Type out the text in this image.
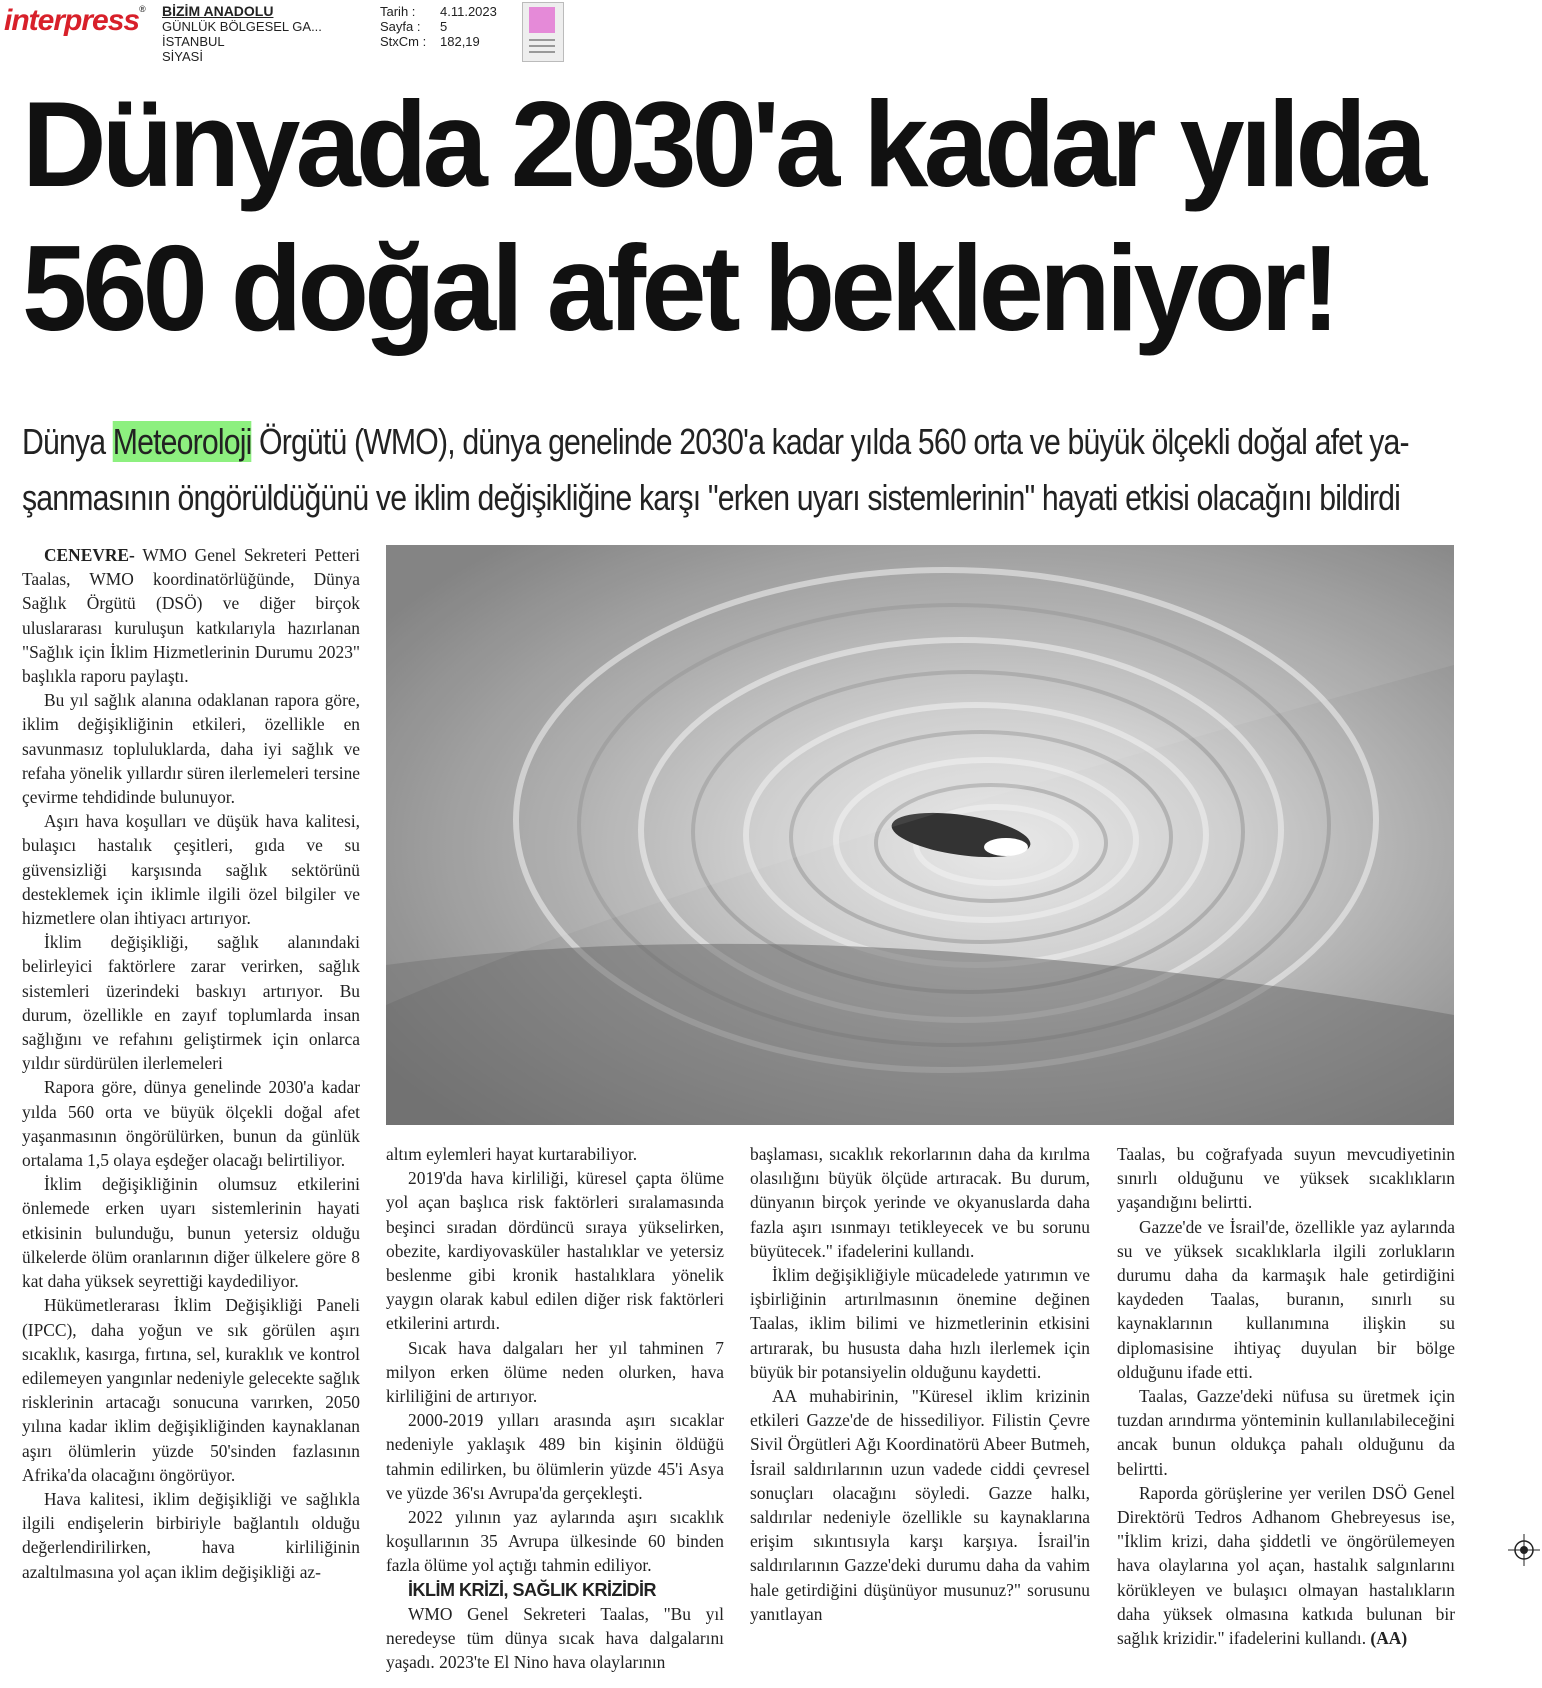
interpress® BİZİM ANADOLU
GÜNLÜK BÖLGESEL GA...
İSTANBUL
SİYASİ
Tarih :	4.11.2023
Sayfa :	5
StxCm :	182,19
Dünyada 2030'a kadar yılda
560 doğal afet bekleniyor!
Dünya Meteoroloji Örgütü (WMO), dünya genelinde 2030'a kadar yılda 560 orta ve büyük ölçekli doğal afet ya-
şanmasının öngörüldüğünü ve iklim değişikliğine karşı "erken uyarı sistemlerinin" hayati etkisi olacağını bildirdi

CENEVRE- WMO Genel Sekreteri Petteri Taalas, WMO koordinatörlüğünde, Dünya Sağlık Örgütü (DSÖ) ve diğer birçok uluslararası kuruluşun katkılarıyla hazırlanan "Sağlık için İklim Hizmetlerinin Durumu 2023" başlıkla raporu paylaştı.

Bu yıl sağlık alanına odaklanan rapora göre, iklim değişikliğinin etkileri, özellikle en savunmasız topluluklarda, daha iyi sağlık ve refaha yönelik yıllardır süren ilerlemeleri tersine çevirme tehdidinde bulunuyor.

Aşırı hava koşulları ve düşük hava kalitesi, bulaşıcı hastalık çeşitleri, gıda ve su güvensizliği karşısında sağlık sektörünü desteklemek için iklimle ilgili özel bilgiler ve hizmetlere olan ihtiyacı artırıyor.

İklim değişikliği, sağlık alanındaki belirleyici faktörlere zarar verirken, sağlık sistemleri üzerindeki baskıyı artırıyor. Bu durum, özellikle en zayıf toplumlarda insan sağlığını ve refahını geliştirmek için onlarca yıldır sürdürülen ilerlemeleri

Rapora göre, dünya genelinde 2030'a kadar yılda 560 orta ve büyük ölçekli doğal afet yaşanmasının öngörülürken, bunun da günlük ortalama 1,5 olaya eşdeğer olacağı belirtiliyor.

İklim değişikliğinin olumsuz etkilerini önlemede erken uyarı sistemlerinin hayati etkisinin bulunduğu, bunun yetersiz olduğu ülkelerde ölüm oranlarının diğer ülkelere göre 8 kat daha yüksek seyrettiği kaydediliyor.

Hükümetlerarası İklim Değişikliği Paneli (IPCC), daha yoğun ve sık görülen aşırı sıcaklık, kasırga, fırtına, sel, kuraklık ve kontrol edilemeyen yangınlar nedeniyle gelecekte sağlık risklerinin artacağı sonucuna varırken, 2050 yılına kadar iklim değişikliğinden kaynaklanan aşırı ölümlerin yüzde 50'sinden fazlasının Afrika'da olacağını öngörüyor.

Hava kalitesi, iklim değişikliği ve sağlıkla ilgili endişelerin birbiriyle bağlantılı olduğu değerlendirilirken, hava kirliliğinin azaltılmasına yol açan iklim değişikliği az-

altım eylemleri hayat kurtarabiliyor.

2019'da hava kirliliği, küresel çapta ölüme yol açan başlıca risk faktörleri sıralamasında beşinci sıradan dördüncü sıraya yükselirken, obezite, kardiyovasküler hastalıklar ve yetersiz beslenme gibi kronik hastalıklara yönelik yaygın olarak kabul edilen diğer risk faktörleri etkilerini artırdı.

Sıcak hava dalgaları her yıl tahminen 7 milyon erken ölüme neden olurken, hava kirliliğini de artırıyor.

2000-2019 yılları arasında aşırı sıcaklar nedeniyle yaklaşık 489 bin kişinin öldüğü tahmin edilirken, bu ölümlerin yüzde 45'i Asya ve yüzde 36'sı Avrupa'da gerçekleşti.

2022 yılının yaz aylarında aşırı sıcaklık koşullarının 35 Avrupa ülkesinde 60 binden fazla ölüme yol açtığı tahmin ediliyor.

İKLİM KRİZİ, SAĞLIK KRİZİDİR

WMO Genel Sekreteri Taalas, "Bu yıl neredeyse tüm dünya sıcak hava dalgalarını yaşadı. 2023'te El Nino hava olaylarının

başlaması, sıcaklık rekorlarının daha da kırılma olasılığını büyük ölçüde artıracak. Bu durum, dünyanın birçok yerinde ve okyanuslarda daha fazla aşırı ısınmayı tetikleyecek ve bu sorunu büyütecek." ifadelerini kullandı.

İklim değişikliğiyle mücadelede yatırımın ve işbirliğinin artırılmasının önemine değinen Taalas, iklim bilimi ve hizmetlerinin etkisini artırarak, bu hususta daha hızlı ilerlemek için büyük bir potansiyelin olduğunu kaydetti.

AA muhabirinin, "Küresel iklim krizinin etkileri Gazze'de de hissediliyor. Filistin Çevre Sivil Örgütleri Ağı Koordinatörü Abeer Butmeh, İsrail saldırılarının uzun vadede ciddi çevresel sonuçları olacağını söyledi. Gazze halkı, saldırılar nedeniyle özellikle su kaynaklarına erişim sıkıntısıyla karşı karşıya. İsrail'in saldırılarının Gazze'deki durumu daha da vahim hale getirdiğini düşünüyor musunuz?" sorusunu yanıtlayan

Taalas, bu coğrafyada suyun mevcudiyetinin sınırlı olduğunu ve yüksek sıcaklıkların yaşandığını belirtti.

Gazze'de ve İsrail'de, özellikle yaz aylarında su ve yüksek sıcaklıklarla ilgili zorlukların durumu daha da karmaşık hale getirdiğini kaydeden Taalas, buranın, sınırlı su kaynaklarının kullanımına ilişkin su diplomasisine ihtiyaç duyulan bir bölge olduğunu ifade etti.

Taalas, Gazze'deki nüfusa su üretmek için tuzdan arındırma yönteminin kullanılabileceğini ancak bunun oldukça pahalı olduğunu da belirtti.

Raporda görüşlerine yer verilen DSÖ Genel Direktörü Tedros Adhanom Ghebreyesus ise, "İklim krizi, daha şiddetli ve öngörülemeyen hava olaylarına yol açan, hastalık salgınlarını körükleyen ve bulaşıcı olmayan hastalıkların daha yüksek olmasına katkıda bulunan bir sağlık krizidir." ifadelerini kullandı. (AA)
